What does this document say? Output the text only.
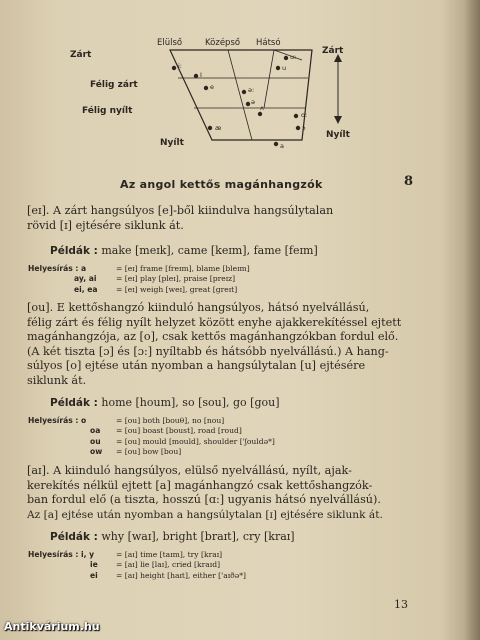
Elülső	Középső Hátsó
Zárt
Félig zárt
Félig nyílt
Nyílt
Zárt
Nyílt
i:
I
e	ə:
ə
u:
u
o:
ɔ
æ
ʌ
a
Az angol kettős magánhangzók	8
[eɪ]. A zárt hangsúlyos [e]-ből kiindulva hangsúlytalan
rövid [ɪ] ejtésére siklunk át.
Példák : make [meɪk], came [keɪm], fame [feɪm]
Helyesírás : a	= [eɪ] frame [freɪm], blame [bleɪm]
ay, ai	= [eɪ] play [pleɪ], praise [preɪz]
ei, ea	= [eɪ] weigh [weɪ], great [greɪt]
[ou]. E kettőshangzó kiinduló hangsúlyos, hátsó nyelvállású,
félig zárt és félig nyílt helyzet között enyhe ajakkerekítéssel ejtett
magánhangzója, az [o], csak kettős magánhangzókban fordul elő.
(A két tiszta [ɔ] és [ɔ:] nyíltabb és hátsóbb nyelvállású.) A hang-
súlyos [o] ejtése után nyomban a hangsúlytalan [u] ejtésére
siklunk át.
Példák : home [houm], so [sou], go [gou]
Helyesírás : o	= [ou] both [bouθ], no [nou]
oa	= [ou] boast [boust], road [roud]
ou	= [ou] mould [mould], shoulder ['ʃouldə*]
ow	= [ou] bow [bou]
[aɪ]. A kiinduló hangsúlyos, elülső nyelvállású, nyílt, ajak-
kerekítés nélkül ejtett [a] magánhangzó csak kettőshangzók-
ban fordul elő (a tiszta, hosszú [ɑ:] ugyanis hátsó nyelvállású).
Az [a] ejtése után nyomban a hangsúlytalan [ɪ] ejtésére siklunk át.
Példák : why [waɪ], bright [braɪt], cry [kraɪ]
Helyesírás : i, y	= [aɪ] time [taɪm], try [kraɪ]
ie	= [aɪ] lie [laɪ], cried [kraɪd]
ei	= [aɪ] height [haɪt], either ['aɪðə*]
13
Antikvárium.hu
